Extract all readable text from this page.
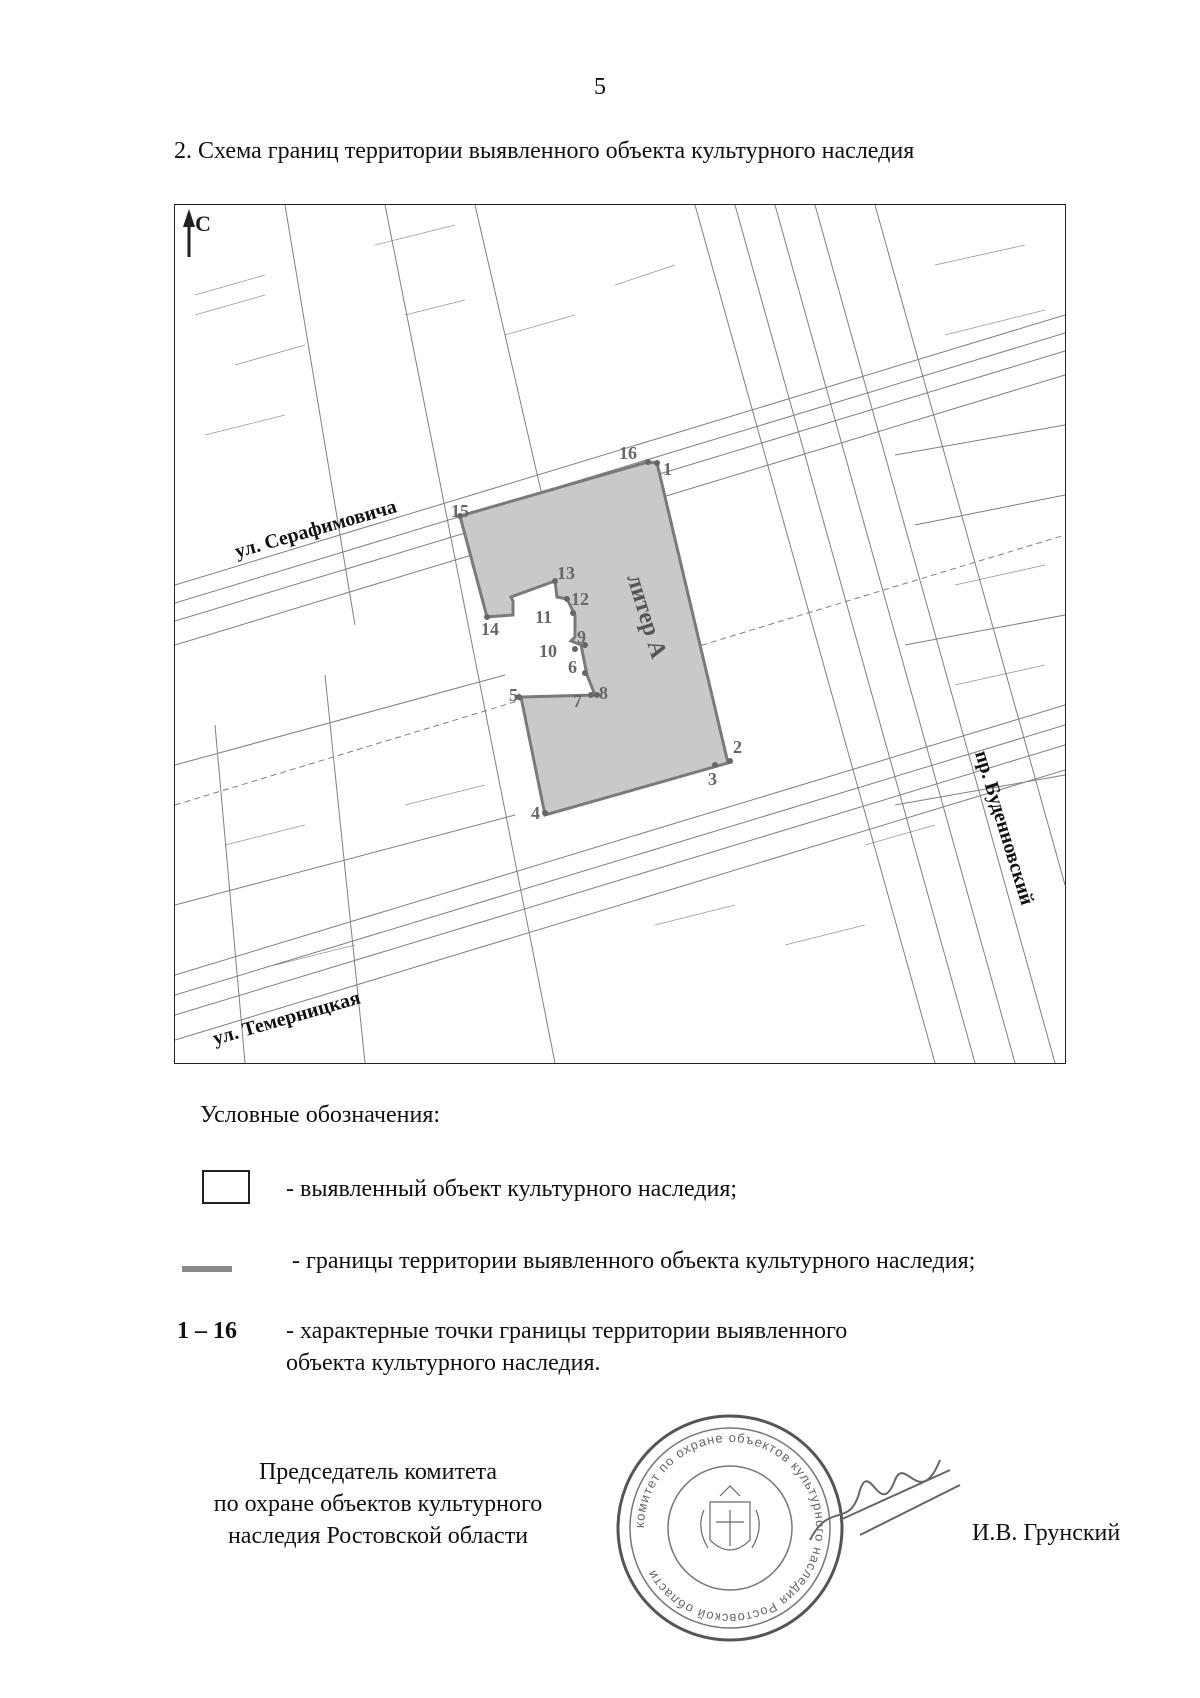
5
2. Схема границ территории выявленного объекта культурного наследия
С
ул. Серафимовича
ул. Темерницкая
пр. Буденновский
литер А
1
2
3
4
5
6
7 8
9
10
11
12
13
14
15
16
Условные обозначения:
- выявленный объект культурного наследия;
- границы территории выявленного объекта культурного наследия;
1 – 16 - характерные точки границы территории выявленного
объекта культурного наследия.
Председатель комитета
по охране объектов культурного
наследия Ростовской области	комитет по охране объектов культурного наследия Ростовской области
И.В. Грунский
